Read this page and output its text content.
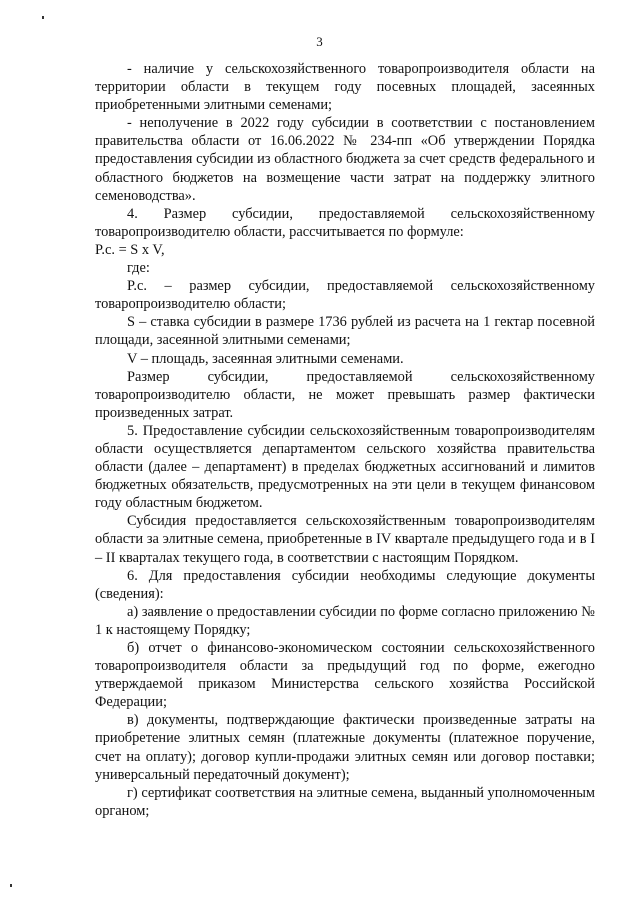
3

- наличие у сельскохозяйственного товаропроизводителя области на территории области в текущем году посевных площадей, засеянных приобретенными элитными семенами;

- неполучение в 2022 году субсидии в соответствии с постановлением правительства области от 16.06.2022 № 234-пп «Об утверждении Порядка предоставления субсидии из областного бюджета за счет средств федерального и областного бюджетов на возмещение части затрат на поддержку элитного семеноводства».

4. Размер субсидии, предоставляемой сельскохозяйственному товаропроизводителю области, рассчитывается по формуле:

P.c. = S x V,

где:

P.c. – размер субсидии, предоставляемой сельскохозяйственному товаропроизводителю области;

S – ставка субсидии в размере 1736 рублей из расчета на 1 гектар посевной площади, засеянной элитными семенами;

V – площадь, засеянная элитными семенами.

Размер субсидии, предоставляемой сельскохозяйственному товаропроизводителю области, не может превышать размер фактически произведенных затрат.

5. Предоставление субсидии сельскохозяйственным товаропроизводителям области осуществляется департаментом сельского хозяйства правительства области (далее – департамент) в пределах бюджетных ассигнований и лимитов бюджетных обязательств, предусмотренных на эти цели в текущем финансовом году областным бюджетом.

Субсидия предоставляется сельскохозяйственным товаропроизводителям области за элитные семена, приобретенные в IV квартале предыдущего года и в I – II кварталах текущего года, в соответствии с настоящим Порядком.

6. Для предоставления субсидии необходимы следующие документы (сведения):

а) заявление о предоставлении субсидии по форме согласно приложению № 1 к настоящему Порядку;

б) отчет о финансово-экономическом состоянии сельскохозяйственного товаропроизводителя области за предыдущий год по форме, ежегодно утверждаемой приказом Министерства сельского хозяйства Российской Федерации;

в) документы, подтверждающие фактически произведенные затраты на приобретение элитных семян (платежные документы (платежное поручение, счет на оплату); договор купли-продажи элитных семян или договор поставки; универсальный передаточный документ);

г) сертификат соответствия на элитные семена, выданный уполномоченным органом;
